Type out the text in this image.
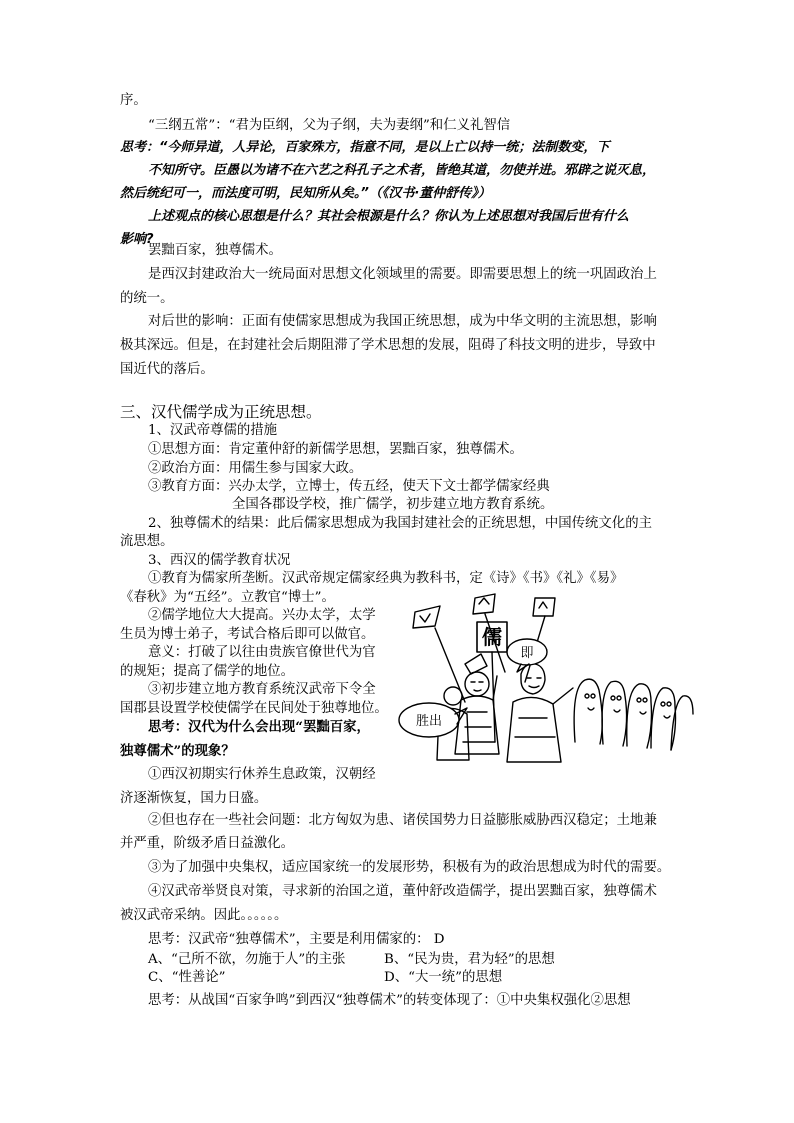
序。
“三纲五常”：“君为臣纲，父为子纲，夫为妻纲”和仁义礼智信
思考：“今师异道，人异论，百家殊方，指意不同，是以上亡以持一统；法制数变，下
不知所守。臣愚以为诸不在六艺之科孔子之术者，皆绝其道，勿使并进。邪辟之说灭息，
然后统纪可一，而法度可明，民知所从矣。”（《汉书·董仲舒传》）
上述观点的核心思想是什么？其社会根源是什么？你认为上述思想对我国后世有什么
影响?
罢黜百家，独尊儒术。
是西汉封建政治大一统局面对思想文化领域里的需要。即需要思想上的统一巩固政治上
的统一。
对后世的影响：正面有使儒家思想成为我国正统思想，成为中华文明的主流思想，影响
极其深远。但是，在封建社会后期阻滞了学术思想的发展，阻碍了科技文明的进步，导致中
国近代的落后。
三、汉代儒学成为正统思想。
1、汉武帝尊儒的措施
①思想方面：肯定董仲舒的新儒学思想，罢黜百家，独尊儒术。
②政治方面：用儒生参与国家大政。
③教育方面：兴办太学，立博士，传五经，使天下文士都学儒家经典
全国各郡设学校，推广儒学，初步建立地方教育系统。
2、独尊儒术的结果：此后儒家思想成为我国封建社会的正统思想，中国传统文化的主
流思想。
3、西汉的儒学教育状况
①教育为儒家所垄断。汉武帝规定儒家经典为教科书，定《诗》《书》《礼》《易》
《春秋》为“五经”。立教官“博士”。
②儒学地位大大提高。兴办太学，太学
生员为博士弟子，考试合格后即可以做官。
意义：打破了以往由贵族官僚世代为官
的规矩；提高了儒学的地位。
③初步建立地方教育系统汉武帝下令全
国郡县设置学校使儒学在民间处于独尊地位。
思考：汉代为什么会出现“罢黜百家，
独尊儒术”的现象？
①西汉初期实行休养生息政策，汉朝经
济逐渐恢复，国力日盛。
②但也存在一些社会问题：北方匈奴为患、诸侯国势力日益膨胀威胁西汉稳定；土地兼
并严重，阶级矛盾日益激化。
③为了加强中央集权，适应国家统一的发展形势，积极有为的政治思想成为时代的需要。
④汉武帝举贤良对策，寻求新的治国之道，董仲舒改造儒学，提出罢黜百家，独尊儒术
被汉武帝采纳。因此。。。。。。
思考：汉武帝“独尊儒术”，主要是利用儒家的： D
A、“己所不欲，勿施于人”的主张	B、“民为贵，君为轻”的思想
C、“性善论”	D、“大一统”的思想
思考：从战国“百家争鸣”到西汉“独尊儒术”的转变体现了：①中央集权强化②思想
儒
即
胜出
